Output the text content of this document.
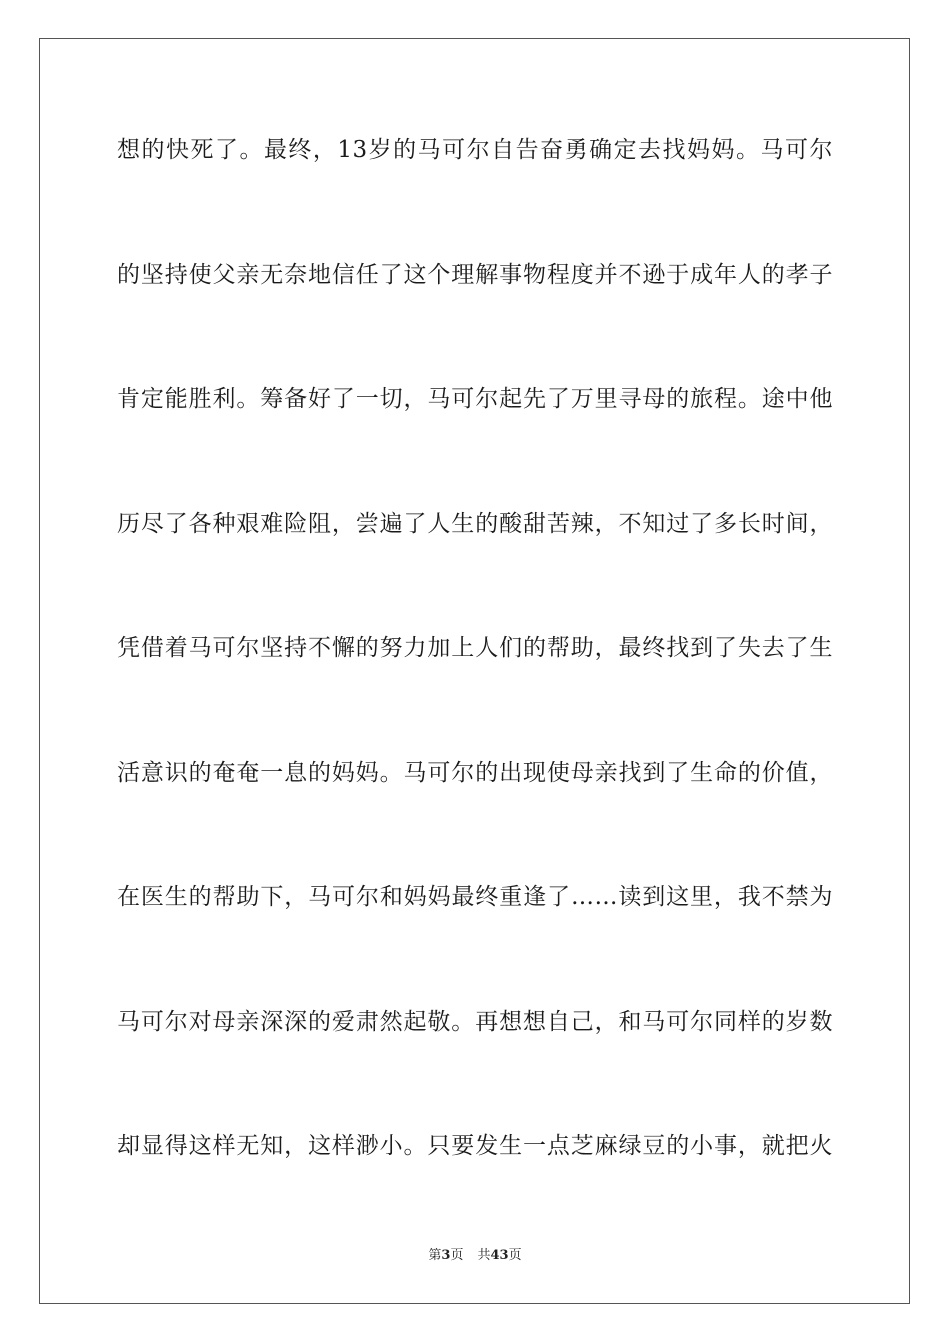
想的快死了。最终，13岁的马可尔自告奋勇确定去找妈妈。马可尔
的坚持使父亲无奈地信任了这个理解事物程度并不逊于成年人的孝子
肯定能胜利。筹备好了一切，马可尔起先了万里寻母的旅程。途中他
历尽了各种艰难险阻，尝遍了人生的酸甜苦辣，不知过了多长时间，
凭借着马可尔坚持不懈的努力加上人们的帮助，最终找到了失去了生
活意识的奄奄一息的妈妈。马可尔的出现使母亲找到了生命的价值，
在医生的帮助下，马可尔和妈妈最终重逢了……读到这里，我不禁为
马可尔对母亲深深的爱肃然起敬。再想想自己，和马可尔同样的岁数
却显得这样无知，这样渺小。只要发生一点芝麻绿豆的小事，就把火
第3页 共43页
